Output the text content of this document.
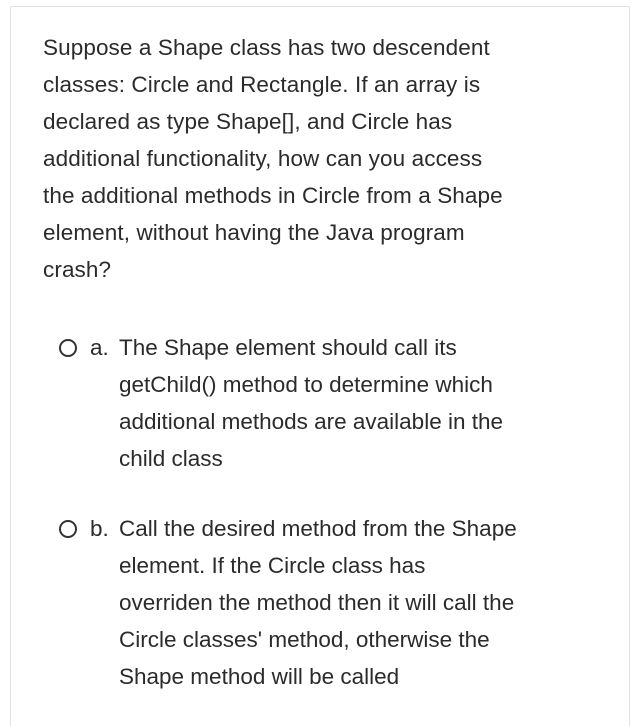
Suppose a Shape class has two descendent
classes: Circle and Rectangle. If an array is
declared as type Shape[], and Circle has
additional functionality, how can you access
the additional methods in Circle from a Shape
element, without having the Java program
crash?

a. The Shape element should call its
getChild() method to determine which
additional methods are available in the
child class

b. Call the desired method from the Shape
element. If the Circle class has
overriden the method then it will call the
Circle classes' method, otherwise the
Shape method will be called
